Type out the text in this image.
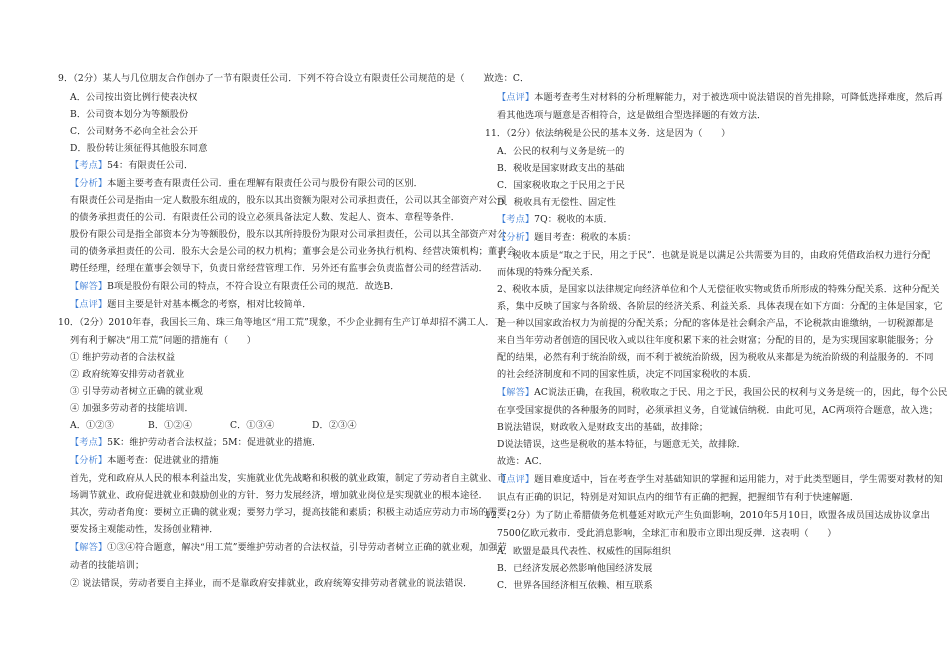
9．（2分）某人与几位朋友合作创办了一节有限责任公司．下列不符合设立有限责任公司规范的是（　　）
A．公司按出资比例行使表决权
B．公司资本划分为等额股份
C．公司财务不必向全社会公开
D．股份转让须征得其他股东同意
【考点】54：有限责任公司．
【分析】本题主要考查有限责任公司．重在理解有限责任公司与股份有限公司的区别．
有限责任公司是指由一定人数股东组成的，股东以其出资额为限对公司承担责任，公司以其全部资产对公司
的债务承担责任的公司．有限责任公司的设立必须具备法定人数、发起人、资本、章程等条件．
股份有限公司是指全部资本分为等额股份，股东以其所持股份为限对公司承担责任，公司以其全部资产对公
司的债务承担责任的公司．股东大会是公司的权力机构；董事会是公司业务执行机构、经营决策机构；董事会
聘任经理，经理在董事会领导下，负责日常经营管理工作．另外还有监事会负责监督公司的经营活动．
【解答】B项是股份有限公司的特点，不符合设立有限责任公司的规范．故选B．
【点评】题目主要是针对基本概念的考察，相对比较简单．
10．（2分）2010年春，我国长三角、珠三角等地区“用工荒”现象，不少企业拥有生产订单却招不满工人．下
列有利于解决“用工荒”问题的措施有（　　）
① 维护劳动者的合法权益
② 政府统筹安排劳动者就业
③ 引导劳动者树立正确的就业观
④ 加强多劳动者的技能培训．
A．①②③	B．①②④	C．①③④	D．②③④
【考点】5K：维护劳动者合法权益；5M：促进就业的措施．
【分析】本题考查：促进就业的措施
首先，党和政府从人民的根本利益出发，实施就业优先战略和积极的就业政策，制定了劳动者自主就业、市
场调节就业、政府促进就业和鼓励创业的方针．努力发展经济，增加就业岗位是实现就业的根本途径．
其次，劳动者角度：要树立正确的就业观；要努力学习，提高技能和素质；积极主动适应劳动力市场的需要；
要发扬主观能动性，发扬创业精神．
【解答】①③④符合题意，解决“用工荒”要维护劳动者的合法权益，引导劳动者树立正确的就业观，加强劳
动者的技能培训；
② 说法错误，劳动者要自主择业，而不是靠政府安排就业，政府统筹安排劳动者就业的说法错误．
故选：C．
【点评】本题考查考生对材料的分析理解能力，对于被选项中说法错误的首先排除，可降低选择难度，然后再
看其他选项与题意是否相符合，这是做组合型选择题的有效方法．
11．（2分）依法纳税是公民的基本义务．这是因为（　　）
A．公民的权利与义务是统一的
B．税收是国家财政支出的基础
C．国家税收取之于民用之于民
D．税收具有无偿性、固定性
【考点】7Q：税收的本质．
【分析】题目考查：税收的本质：
1、税收本质是“取之于民，用之于民”．也就是说是以满足公共需要为目的，由政府凭借政治权力进行分配
而体现的特殊分配关系．
2、税收本质，是国家以法律规定向经济单位和个人无偿征收实物或货币所形成的特殊分配关系．这种分配关
系，集中反映了国家与各阶级、各阶层的经济关系、利益关系．具体表现在如下方面：分配的主体是国家，它
是一种以国家政治权力为前提的分配关系；分配的客体是社会剩余产品，不论税款由谁缴纳，一切税源都是
来自当年劳动者创造的国民收入或以往年度积累下来的社会财富；分配的目的，是为实现国家职能服务；分
配的结果，必然有利于统治阶级，而不利于被统治阶级，因为税收从来都是为统治阶级的利益服务的．不同
的社会经济制度和不同的国家性质，决定不同国家税收的本质．
【解答】AC说法正确，在我国，税收取之于民、用之于民，我国公民的权利与义务是统一的，因此，每个公民
在享受国家提供的各种服务的同时，必须承担义务，自觉诚信纳税．由此可见，AC两项符合题意，故入选；
B说法错误，财政收入是财政支出的基础，故排除；
D说法错误，这些是税收的基本特征，与题意无关，故排除．
故选：AC．
【点评】题目难度适中，旨在考查学生对基础知识的掌握和运用能力，对于此类型题目，学生需要对教材的知
识点有正确的识记，特别是对知识点内的细节有正确的把握，把握细节有利于快速解题．
12．（2分）为了防止希腊债务危机蔓延对欧元产生负面影响，2010年5月10日，欧盟各成员国达成协议拿出
7500亿欧元救市．受此消息影响，全球汇市和股市立即出现反弹．这表明（　　）
A．欧盟是最具代表性、权威性的国际组织
B．已经济发展必然影响他国经济发展
C．世界各国经济相互依赖、相互联系
